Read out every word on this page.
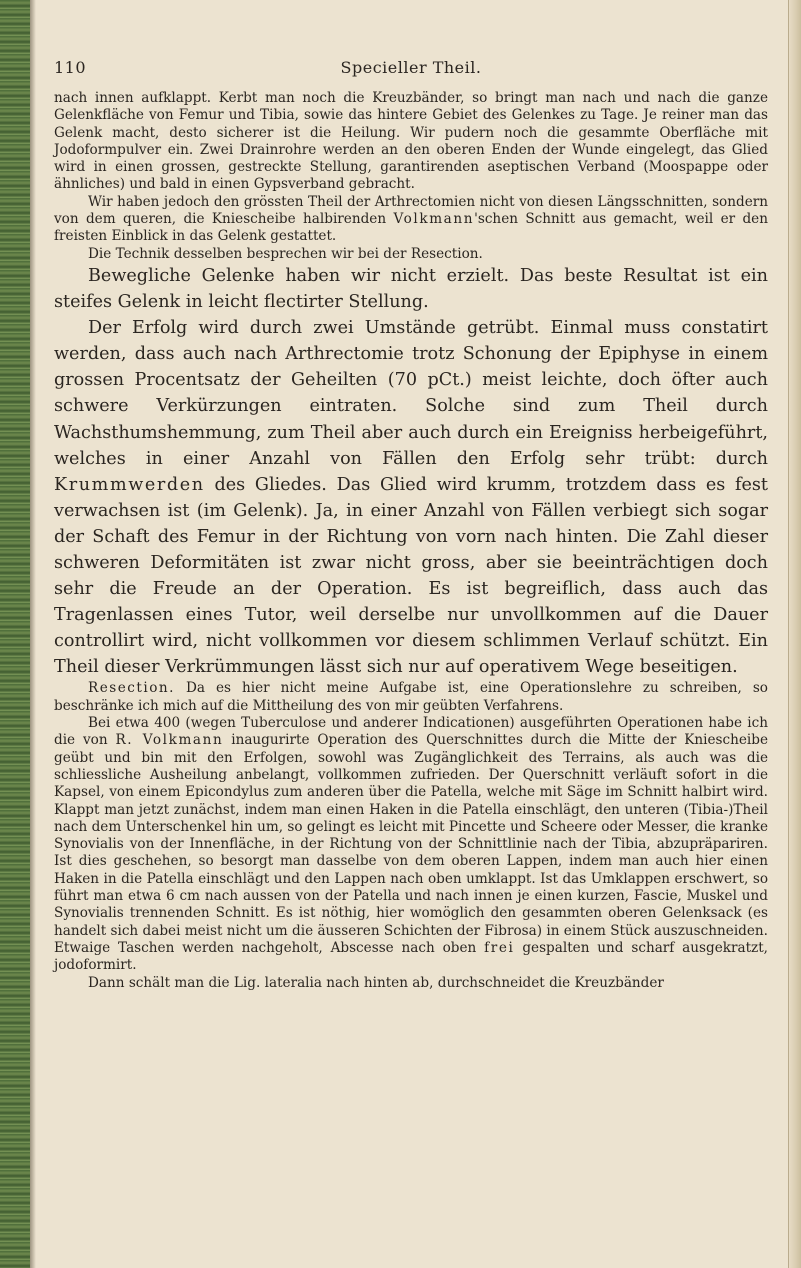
110	Specieller Theil.

nach innen aufklappt. Kerbt man noch die Kreuzbänder, so bringt man nach und nach die ganze Gelenkfläche von Femur und Tibia, sowie das hintere Gebiet des Gelenkes zu Tage. Je reiner man das Gelenk macht, desto sicherer ist die Heilung. Wir pudern noch die gesammte Oberfläche mit Jodoformpulver ein. Zwei Drainrohre werden an den oberen Enden der Wunde eingelegt, das Glied wird in einen grossen, gestreckte Stellung, garantirenden aseptischen Verband (Moospappe oder ähnliches) und bald in einen Gypsverband gebracht.

Wir haben jedoch den grössten Theil der Arthrectomien nicht von diesen Längsschnitten, sondern von dem queren, die Kniescheibe halbirenden Volkmann'schen Schnitt aus gemacht, weil er den freisten Einblick in das Gelenk gestattet.

Die Technik desselben besprechen wir bei der Resection.

Bewegliche Gelenke haben wir nicht erzielt. Das beste Resultat ist ein steifes Gelenk in leicht flectirter Stellung.

Der Erfolg wird durch zwei Umstände getrübt. Einmal muss constatirt werden, dass auch nach Arthrectomie trotz Schonung der Epiphyse in einem grossen Procentsatz der Geheilten (70 pCt.) meist leichte, doch öfter auch schwere Verkürzungen eintraten. Solche sind zum Theil durch Wachsthumshemmung, zum Theil aber auch durch ein Ereigniss herbeigeführt, welches in einer Anzahl von Fällen den Erfolg sehr trübt: durch Krummwerden des Gliedes. Das Glied wird krumm, trotzdem dass es fest verwachsen ist (im Gelenk). Ja, in einer Anzahl von Fällen verbiegt sich sogar der Schaft des Femur in der Richtung von vorn nach hinten. Die Zahl dieser schweren Deformitäten ist zwar nicht gross, aber sie beeinträchtigen doch sehr die Freude an der Operation. Es ist begreiflich, dass auch das Tragenlassen eines Tutor, weil derselbe nur unvollkommen auf die Dauer controllirt wird, nicht vollkommen vor diesem schlimmen Verlauf schützt. Ein Theil dieser Verkrümmungen lässt sich nur auf operativem Wege beseitigen.

Resection. Da es hier nicht meine Aufgabe ist, eine Operationslehre zu schreiben, so beschränke ich mich auf die Mittheilung des von mir geübten Verfahrens.

Bei etwa 400 (wegen Tuberculose und anderer Indicationen) ausgeführten Operationen habe ich die von R. Volkmann inaugurirte Operation des Querschnittes durch die Mitte der Kniescheibe geübt und bin mit den Erfolgen, sowohl was Zugänglichkeit des Terrains, als auch was die schliessliche Ausheilung anbelangt, vollkommen zufrieden. Der Querschnitt verläuft sofort in die Kapsel, von einem Epicondylus zum anderen über die Patella, welche mit Säge im Schnitt halbirt wird. Klappt man jetzt zunächst, indem man einen Haken in die Patella einschlägt, den unteren (Tibia-)Theil nach dem Unterschenkel hin um, so gelingt es leicht mit Pincette und Scheere oder Messer, die kranke Synovialis von der Innenfläche, in der Richtung von der Schnittlinie nach der Tibia, abzupräpariren. Ist dies geschehen, so besorgt man dasselbe von dem oberen Lappen, indem man auch hier einen Haken in die Patella einschlägt und den Lappen nach oben umklappt. Ist das Umklappen erschwert, so führt man etwa 6 cm nach aussen von der Patella und nach innen je einen kurzen, Fascie, Muskel und Synovialis trennenden Schnitt. Es ist nöthig, hier womöglich den gesammten oberen Gelenksack (es handelt sich dabei meist nicht um die äusseren Schichten der Fibrosa) in einem Stück auszuschneiden. Etwaige Taschen werden nachgeholt, Abscesse nach oben frei gespalten und scharf ausgekratzt, jodoformirt.

Dann schält man die Lig. lateralia nach hinten ab, durchschneidet die Kreuzbänder
